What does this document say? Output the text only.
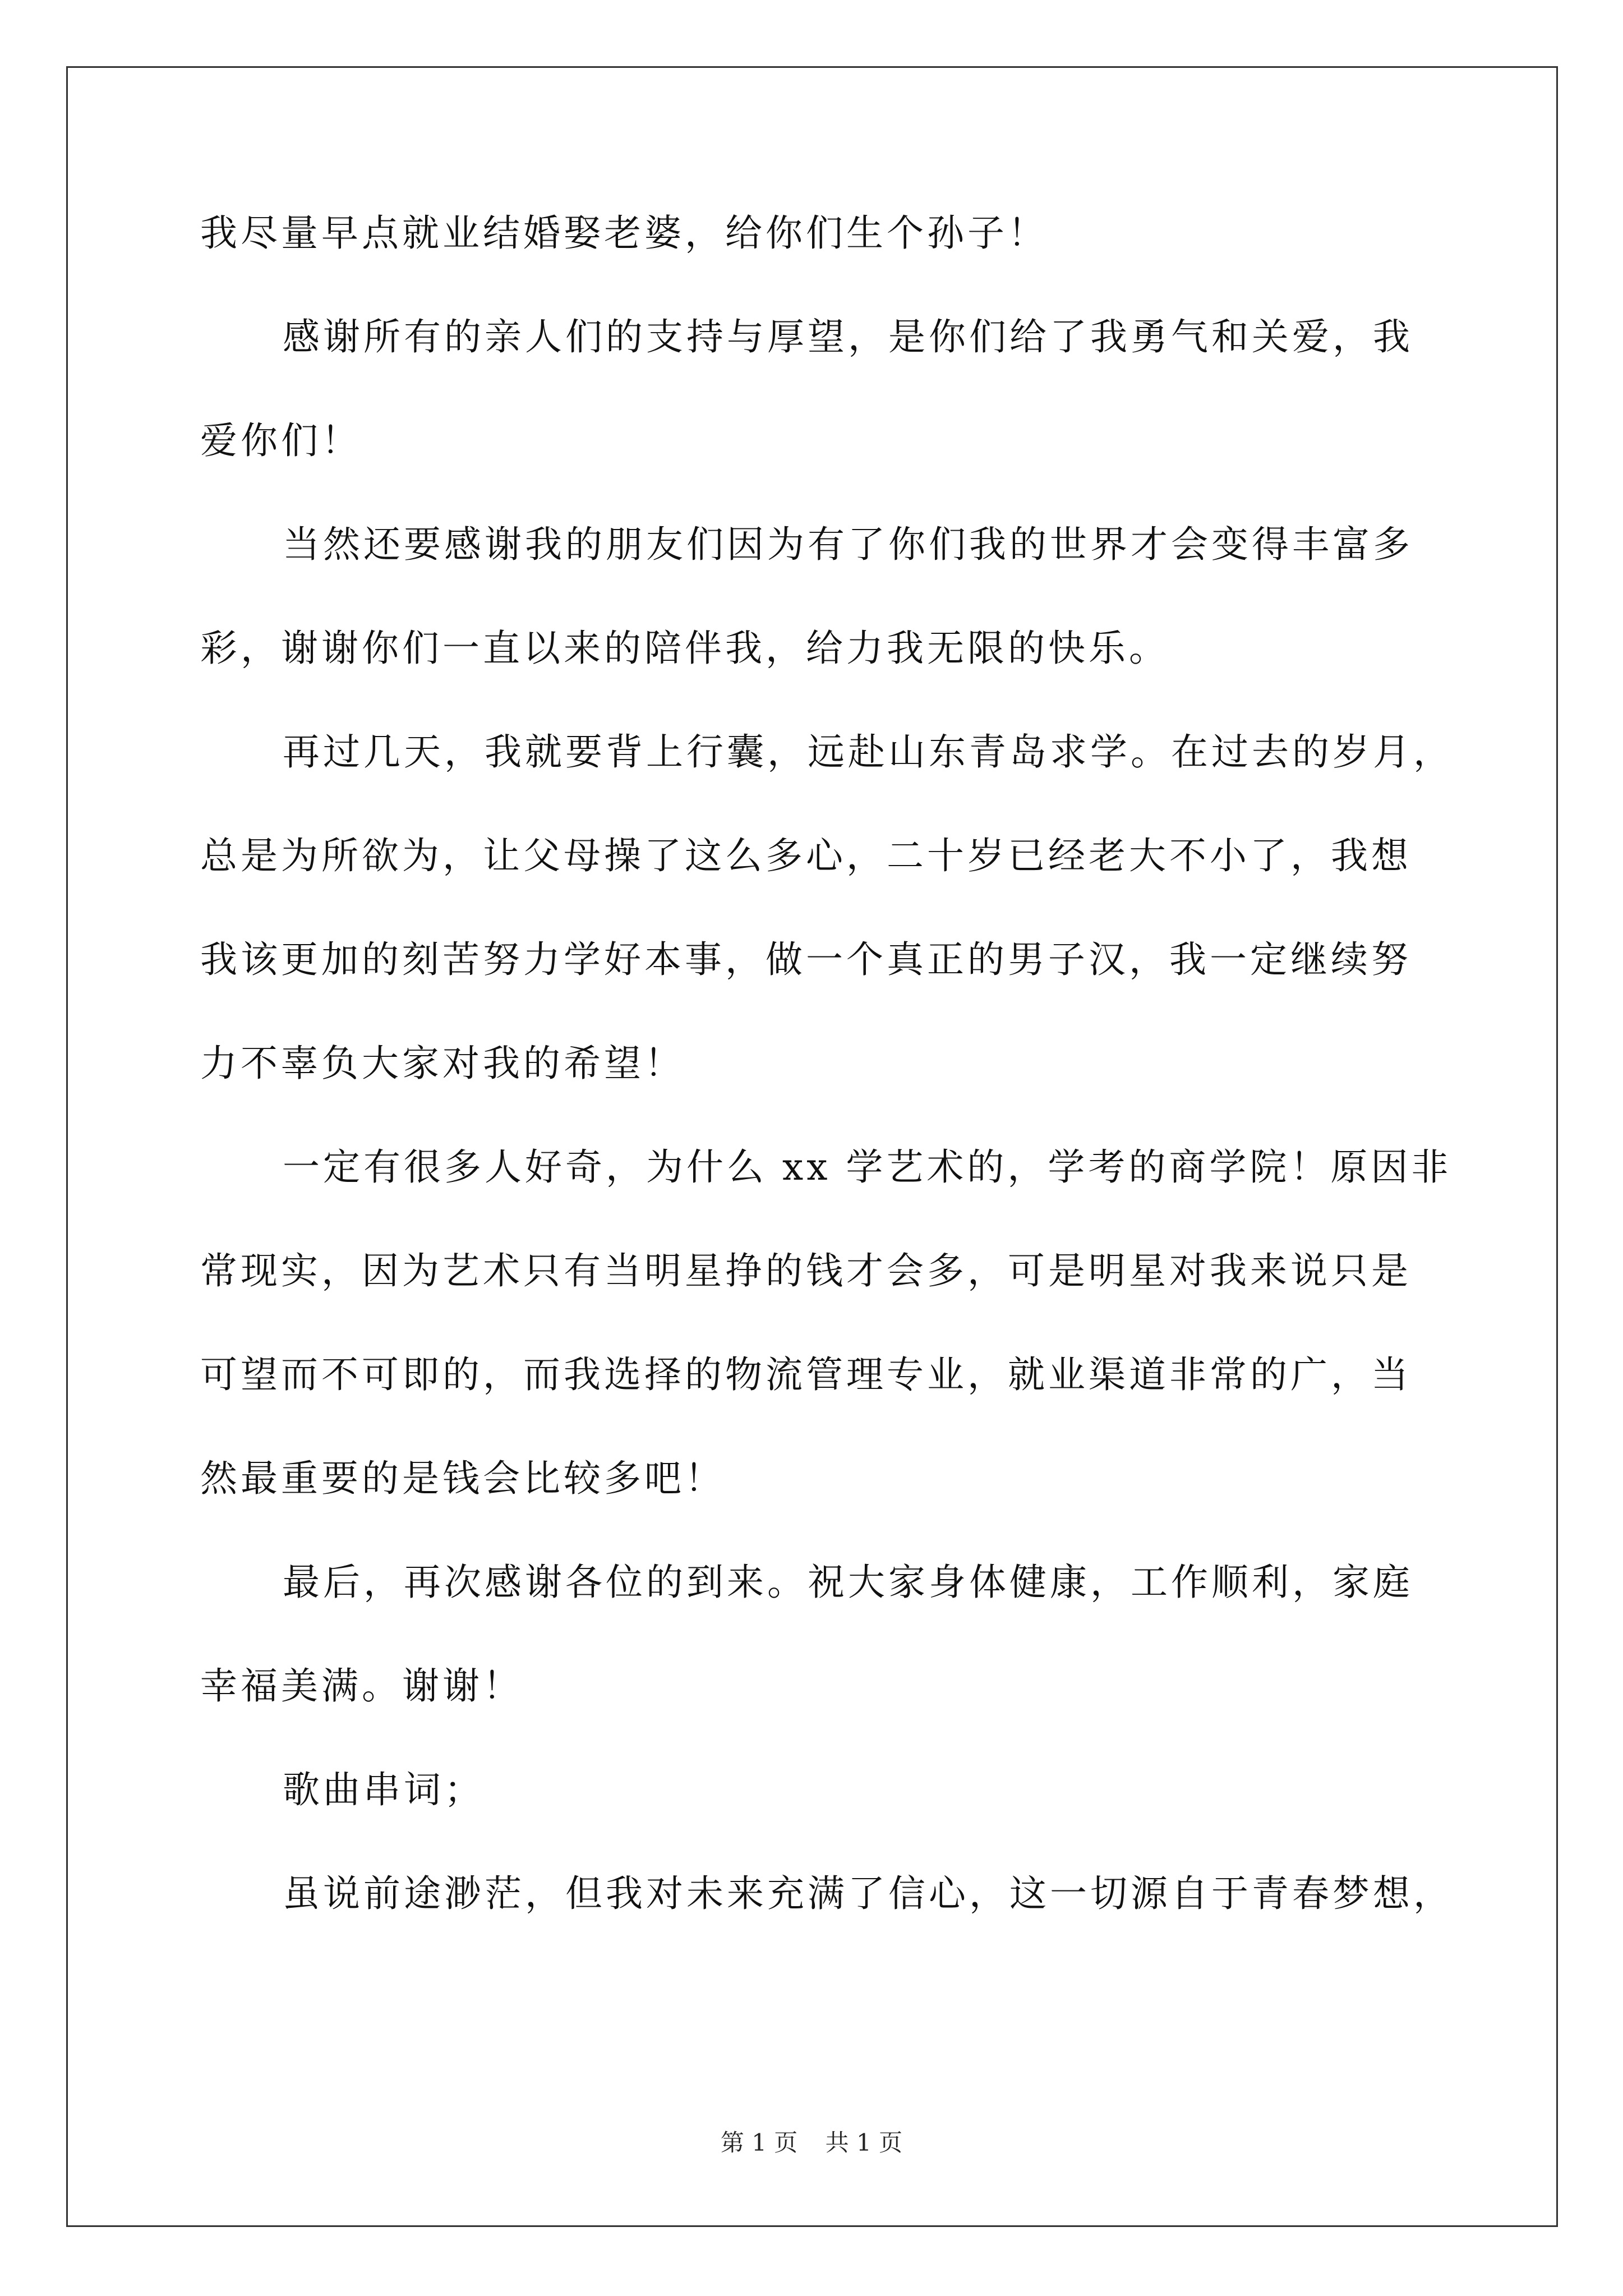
我尽量早点就业结婚娶老婆，给你们生个孙子！
感谢所有的亲人们的支持与厚望，是你们给了我勇气和关爱，我
爱你们！
当然还要感谢我的朋友们因为有了你们我的世界才会变得丰富多
彩，谢谢你们一直以来的陪伴我，给力我无限的快乐。
再过几天，我就要背上行囊，远赴山东青岛求学。在过去的岁月，
总是为所欲为，让父母操了这么多心，二十岁已经老大不小了，我想
我该更加的刻苦努力学好本事，做一个真正的男子汉，我一定继续努
力不辜负大家对我的希望！
一定有很多人好奇，为什么 xx 学艺术的，学考的商学院！原因非
常现实，因为艺术只有当明星挣的钱才会多，可是明星对我来说只是
可望而不可即的，而我选择的物流管理专业，就业渠道非常的广，当
然最重要的是钱会比较多吧！
最后，再次感谢各位的到来。祝大家身体健康，工作顺利，家庭
幸福美满。谢谢！
歌曲串词；
虽说前途渺茫，但我对未来充满了信心，这一切源自于青春梦想，
第 1 页 共 1 页
